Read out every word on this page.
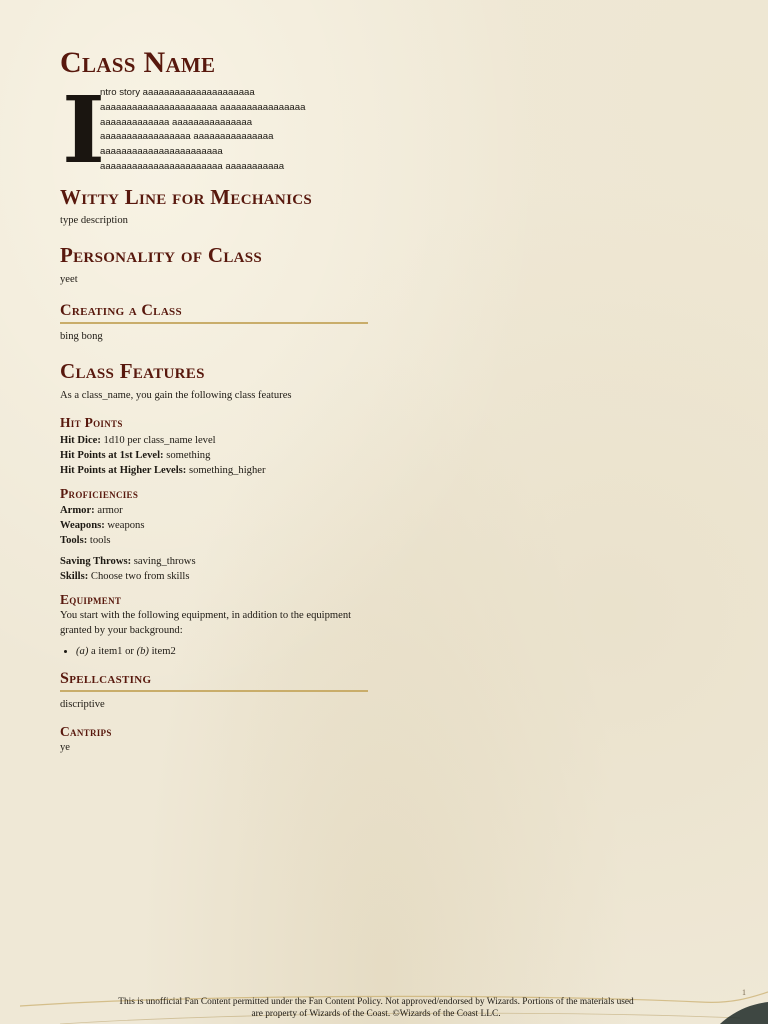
Class Name
I
ntro story aaaaaaaaaaaaaaaaaaaaa
aaaaaaaaaaaaaaaaaaaaaa aaaaaaaaaaaaaaaa
aaaaaaaaaaaaa aaaaaaaaaaaaaaa
aaaaaaaaaaaaaaaaa aaaaaaaaaaaaaaa
aaaaaaaaaaaaaaaaaaaaaaa
aaaaaaaaaaaaaaaaaaaaaaa aaaaaaaaaaa
Witty Line for Mechanics

type description

Personality of Class

yeet

Creating a Class

bing bong

Class Features

As a class_name, you gain the following class features

Hit Points
Hit Dice: 1d10 per class_name level
Hit Points at 1st Level: something
Hit Points at Higher Levels: something_higher
Proficiencies
Armor: armor
Weapons: weapons
Tools: tools
Saving Throws: saving_throws
Skills: Choose two from skills
Equipment

You start with the following equipment, in addition to the equipment granted by your background:

• (a) a item1 or (b) item2
Spellcasting

discriptive

Cantrips

ye

1
This is unofficial Fan Content permitted under the Fan Content Policy. Not approved/endorsed by Wizards. Portions of the materials used
are property of Wizards of the Coast. ©Wizards of the Coast LLC.
